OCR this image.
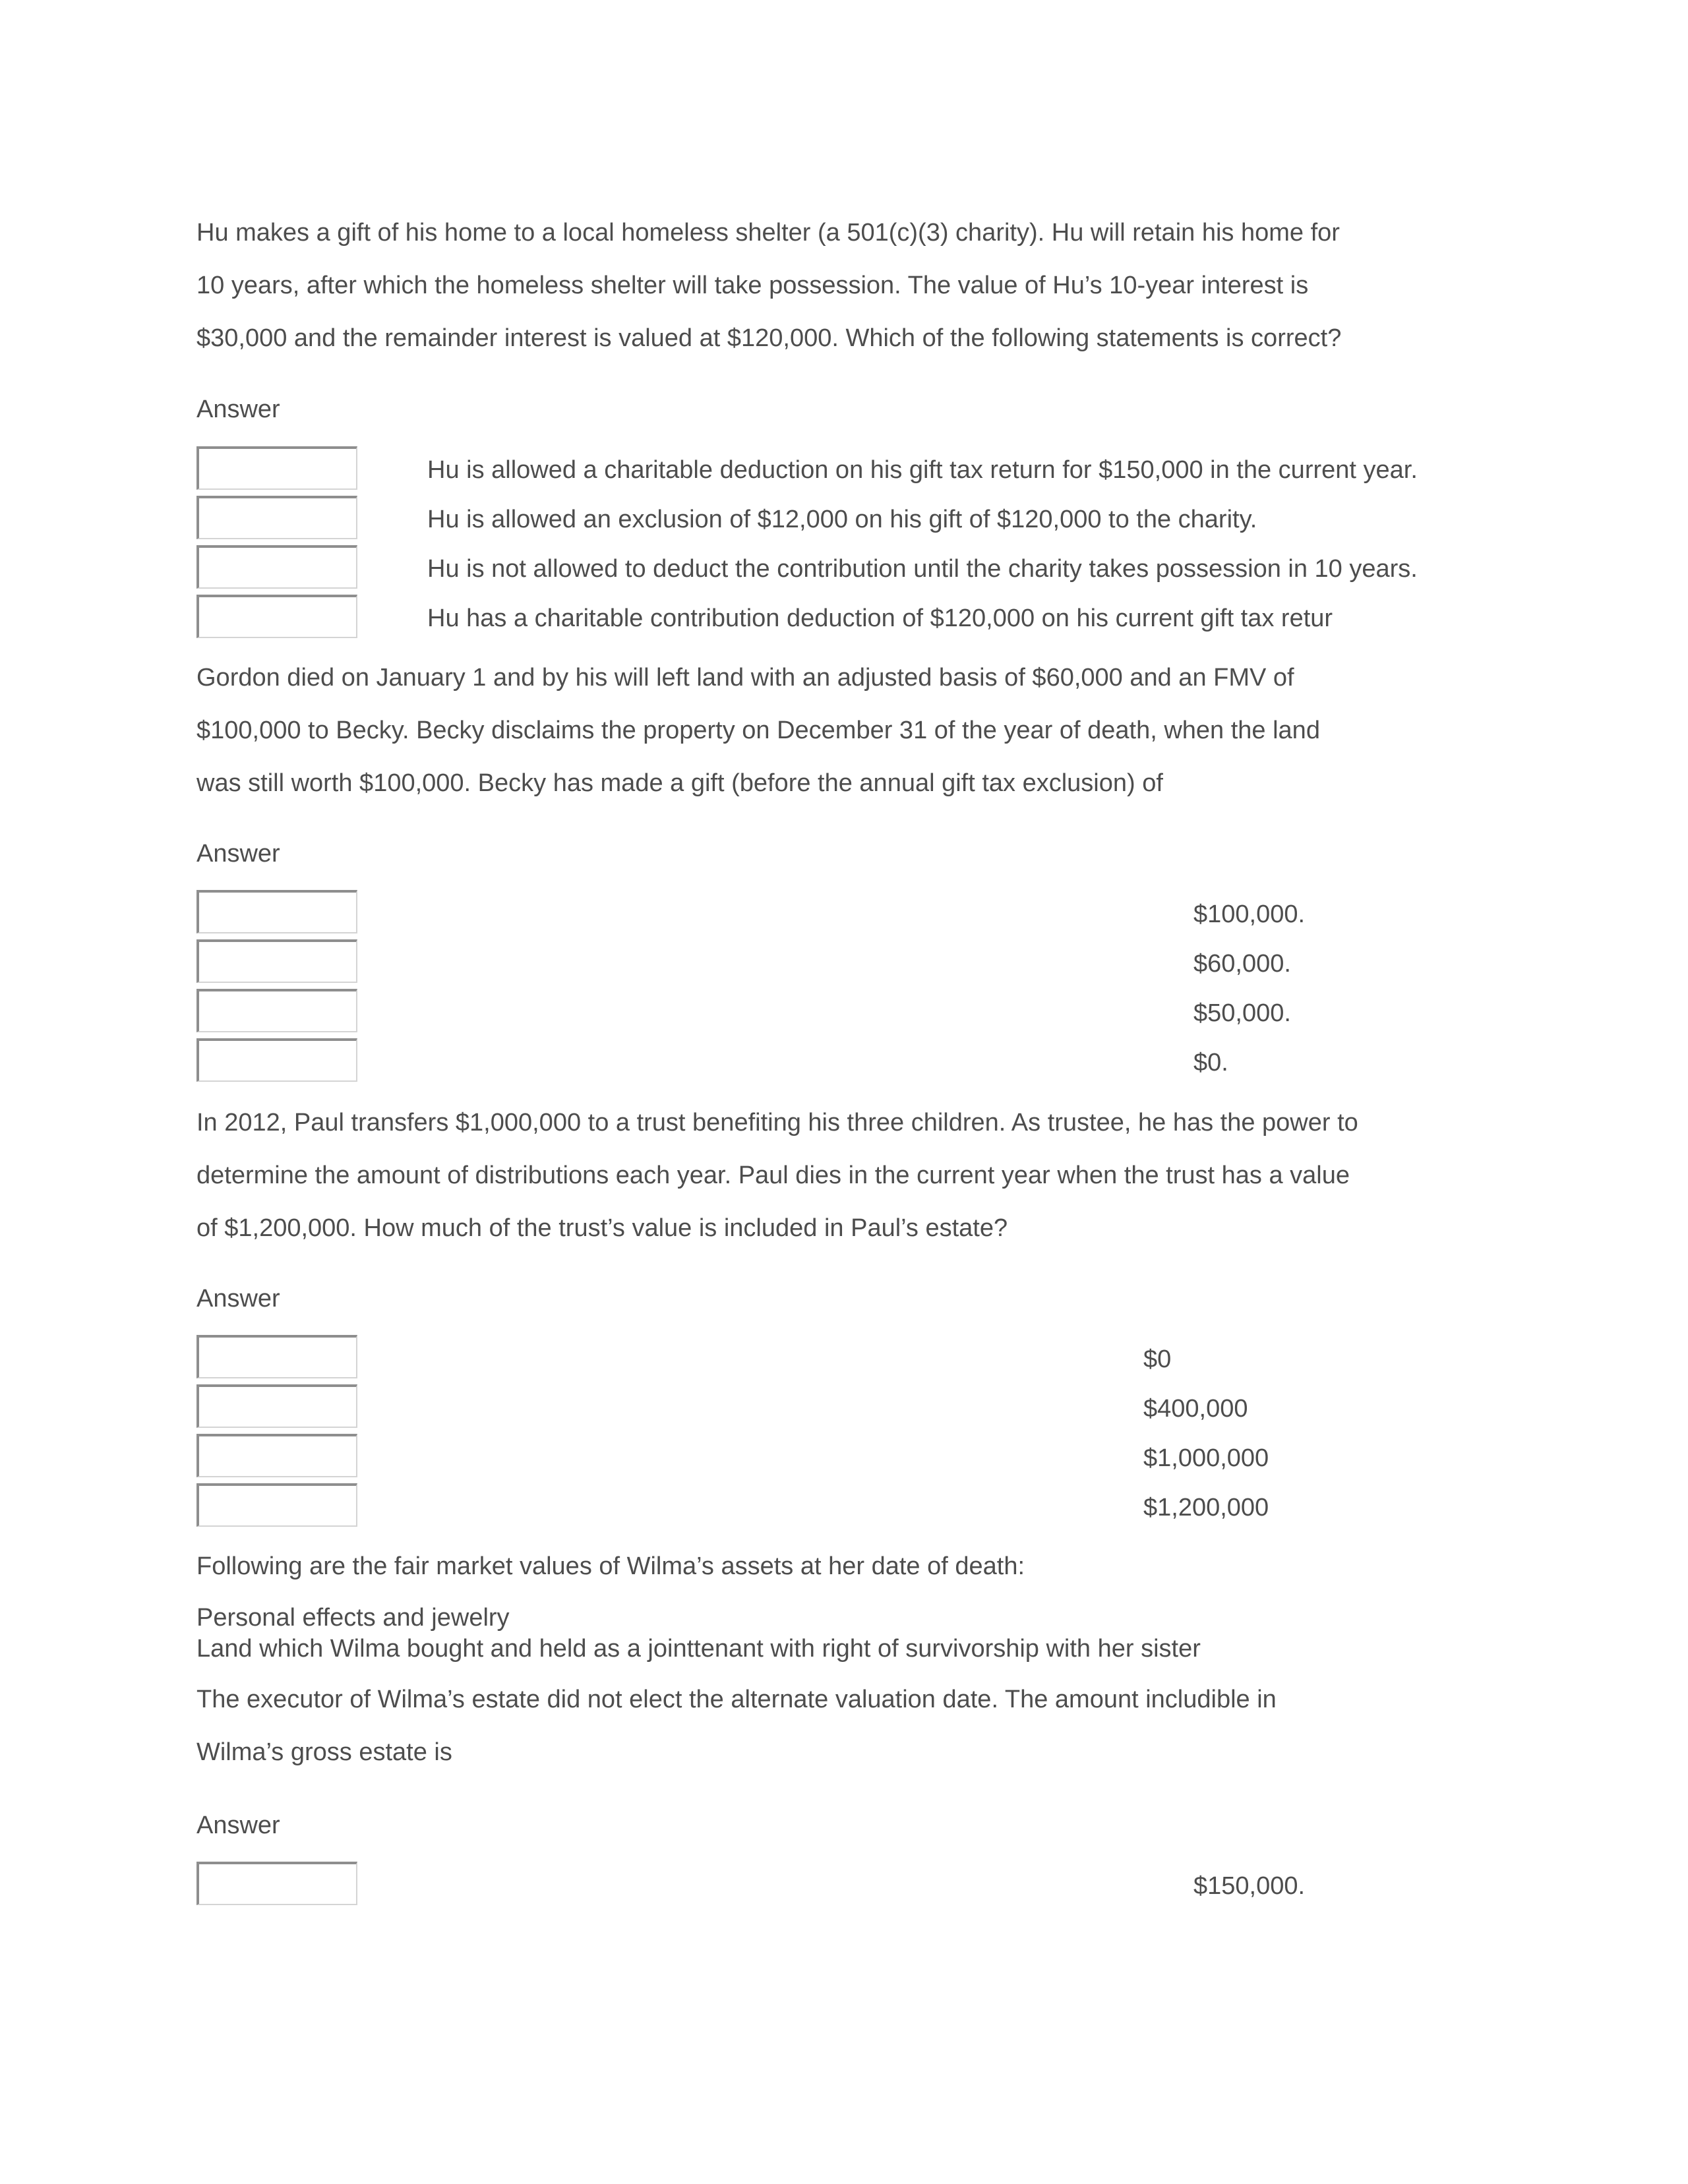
Hu makes a gift of his home to a local homeless shelter (a 501(c)(3) charity). Hu will retain his home for

10 years, after which the homeless shelter will take possession. The value of Hu’s 10-year interest is

$30,000 and the remainder interest is valued at $120,000. Which of the following statements is correct?

Answer

Hu is allowed a charitable deduction on his gift tax return for $150,000 in the current year.
Hu is allowed an exclusion of $12,000 on his gift of $120,000 to the charity.
Hu is not allowed to deduct the contribution until the charity takes possession in 10 years.
Hu has a charitable contribution deduction of $120,000 on his current gift tax retur

Gordon died on January 1 and by his will left land with an adjusted basis of $60,000 and an FMV of

$100,000 to Becky. Becky disclaims the property on December 31 of the year of death, when the land

was still worth $100,000. Becky has made a gift (before the annual gift tax exclusion) of

Answer

$100,000.
$60,000.
$50,000.
$0.

In 2012, Paul transfers $1,000,000 to a trust benefiting his three children. As trustee, he has the power to

determine the amount of distributions each year. Paul dies in the current year when the trust has a value

of $1,200,000. How much of the trust’s value is included in Paul’s estate?

Answer

$0
$400,000
$1,000,000
$1,200,000
Following are the fair market values of Wilma’s assets at her date of death:
Personal effects and jewelry
Land which Wilma bought and held as a jointtenant with right of survivorship with her sister

The executor of Wilma’s estate did not elect the alternate valuation date. The amount includible in

Wilma’s gross estate is

Answer

$150,000.
